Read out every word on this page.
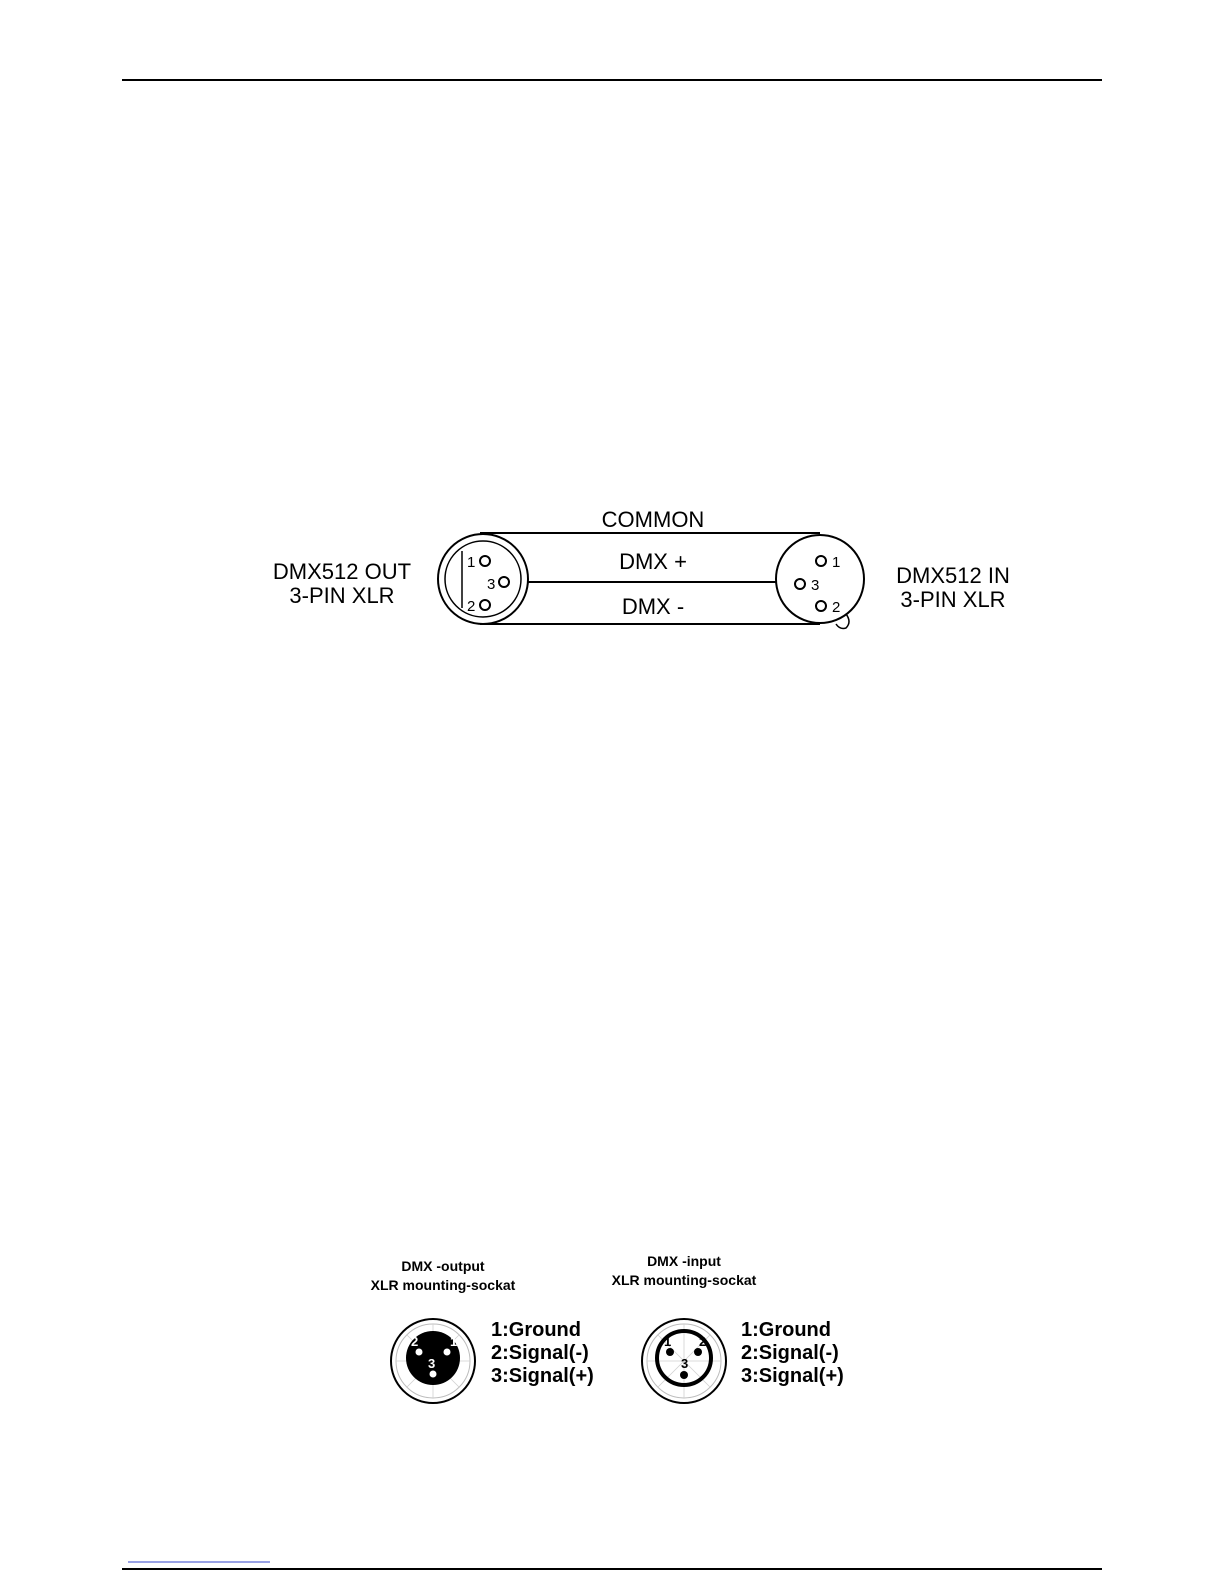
1
2
3
1
2
3
COMMON
DMX +
DMX -
DMX512 OUT
3-PIN XLR
DMX512 IN
3-PIN XLR
DMX -output
XLR mounting-sockat
1
2
3
1:Ground
2:Signal(-)
3:Signal(+)
DMX -input
XLR mounting-sockat
1 2
3
1:Ground
2:Signal(-)
3:Signal(+)
